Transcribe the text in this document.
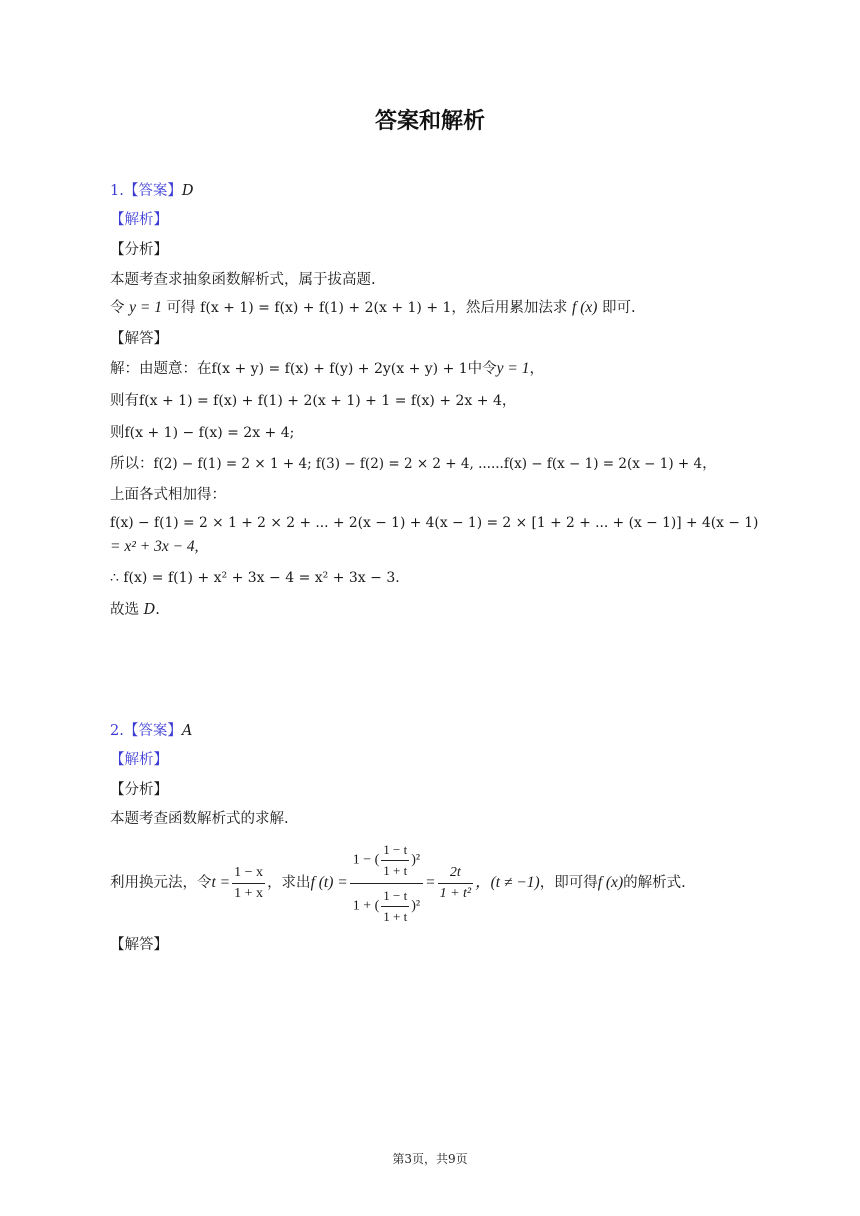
答案和解析
1.【答案】D
【解析】
【分析】
本题考查求抽象函数解析式，属于拔高题.
令 y = 1 可得 f(x + 1) = f(x) + f(1) + 2(x + 1) + 1，然后用累加法求 f (x) 即可.
【解答】
解：由题意：在f(x + y) = f(x) + f(y) + 2y(x + y) + 1中令y = 1，
则有f(x + 1) = f(x) + f(1) + 2(x + 1) + 1 = f(x) + 2x + 4，
则f(x + 1) − f(x) = 2x + 4;
所以：f(2) − f(1) = 2 × 1 + 4; f(3) − f(2) = 2 × 2 + 4, ......f(x) − f(x − 1) = 2(x − 1) + 4，
上面各式相加得：
f(x) − f(1) = 2 × 1 + 2 × 2 + ... + 2(x − 1) + 4(x − 1) = 2 × [1 + 2 + ... + (x − 1)] + 4(x − 1)
= x² + 3x − 4,
∴ f(x) = f(1) + x² + 3x − 4 = x² + 3x − 3.
故选 D.
2.【答案】A
【解析】
【分析】
本题考查函数解析式的求解.
利用换元法，令 $t = \frac{1 - x}{1 + x}$ ，求出 f $(t) = \frac{1 - ( \frac{1 - t}{1 + t} )^2}{1 + ( \frac{1 - t}{1 + t} )^2} = \frac{2t}{\text{1 + t²}}$ ，(t ≠ −1) ，即可得 f (x) 的解析式.
【解答】
第3页，共9页
